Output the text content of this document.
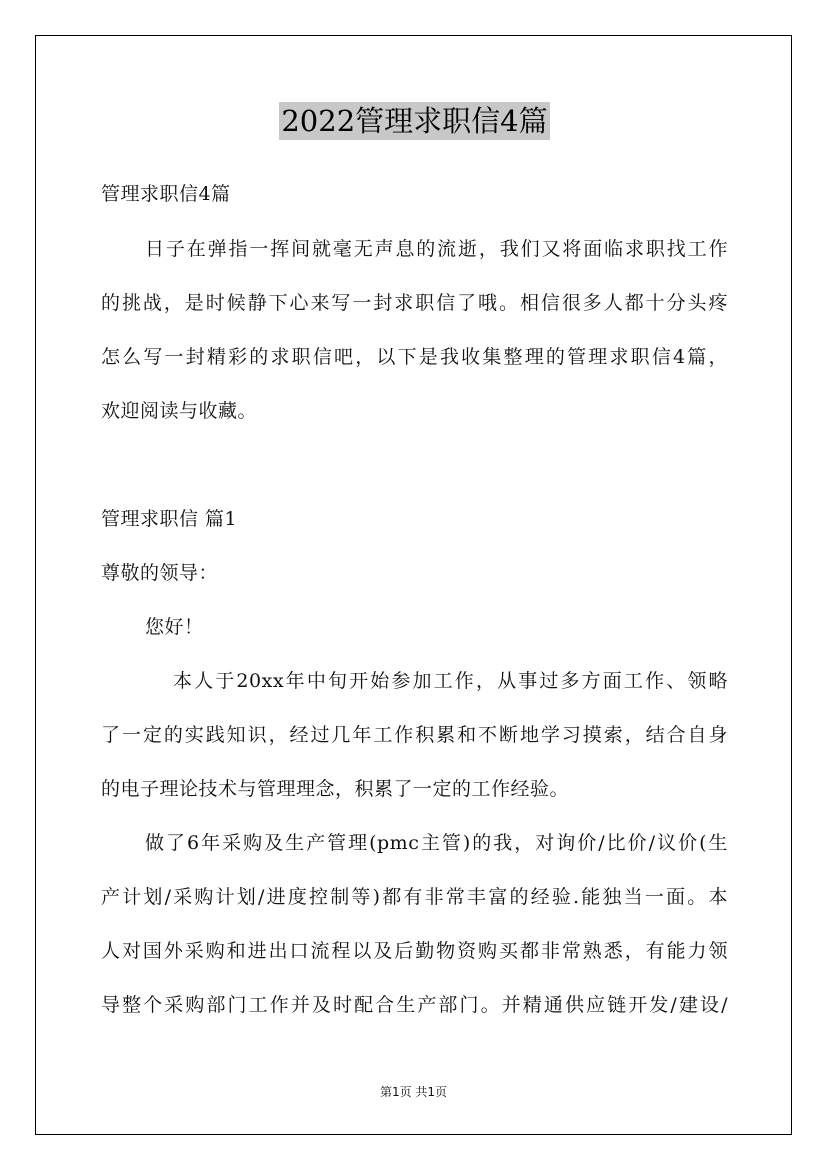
2022管理求职信4篇
管理求职信4篇
日子在弹指一挥间就毫无声息的流逝，我们又将面临求职找工作
的挑战，是时候静下心来写一封求职信了哦。相信很多人都十分头疼
怎么写一封精彩的求职信吧，以下是我收集整理的管理求职信4篇，
欢迎阅读与收藏。
管理求职信 篇1
尊敬的领导：
您好！
本人于20xx年中旬开始参加工作，从事过多方面工作、领略
了一定的实践知识，经过几年工作积累和不断地学习摸索，结合自身
的电子理论技术与管理理念，积累了一定的工作经验。
做了6年采购及生产管理(pmc主管)的我，对询价/比价/议价(生
产计划/采购计划/进度控制等)都有非常丰富的经验.能独当一面。本
人对国外采购和进出口流程以及后勤物资购买都非常熟悉，有能力领
导整个采购部门工作并及时配合生产部门。并精通供应链开发/建设/
第1页 共1页
